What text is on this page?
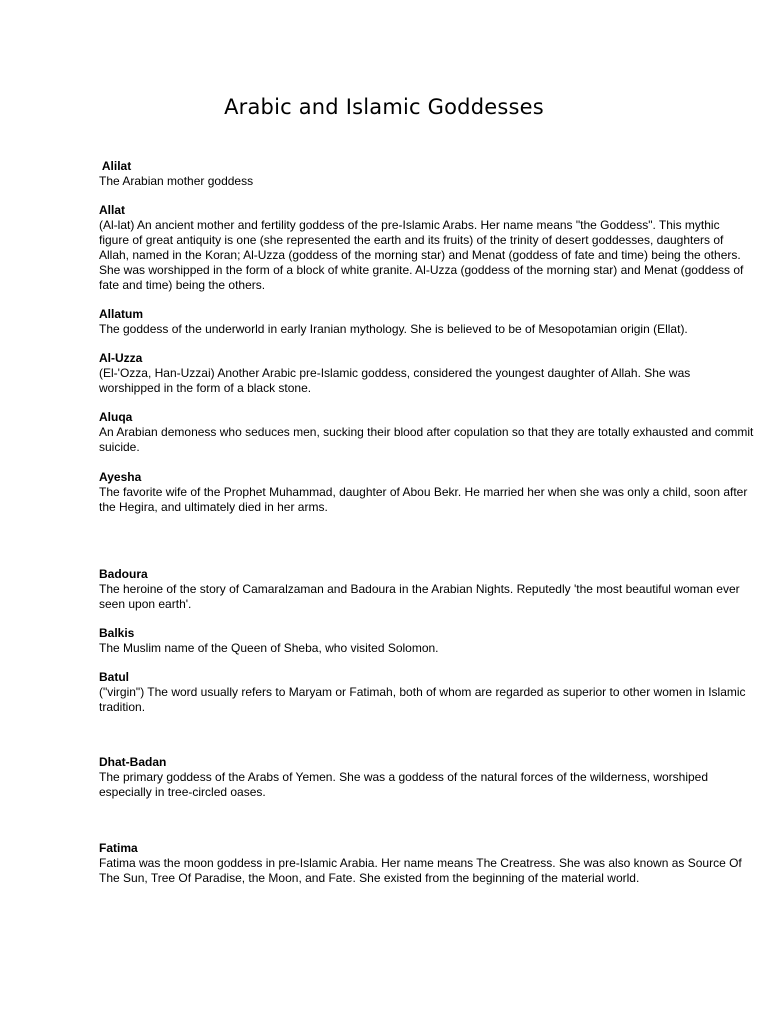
Arabic and Islamic Goddesses
Alilat
The Arabian mother goddess
Allat
(Al-lat) An ancient mother and fertility goddess of the pre-Islamic Arabs. Her name means "the Goddess". This mythic
figure of great antiquity is one (she represented the earth and its fruits) of the trinity of desert goddesses, daughters of
Allah, named in the Koran; Al-Uzza (goddess of the morning star) and Menat (goddess of fate and time) being the others.
She was worshipped in the form of a block of white granite. Al-Uzza (goddess of the morning star) and Menat (goddess of
fate and time) being the others.
Allatum
The goddess of the underworld in early Iranian mythology. She is believed to be of Mesopotamian origin (Ellat).
Al-Uzza
(El-'Ozza, Han-Uzzai) Another Arabic pre-Islamic goddess, considered the youngest daughter of Allah. She was
worshipped in the form of a black stone.
Aluqa
An Arabian demoness who seduces men, sucking their blood after copulation so that they are totally exhausted and commit
suicide.
Ayesha
The favorite wife of the Prophet Muhammad, daughter of Abou Bekr. He married her when she was only a child, soon after
the Hegira, and ultimately died in her arms.
Badoura
The heroine of the story of Camaralzaman and Badoura in the Arabian Nights. Reputedly 'the most beautiful woman ever
seen upon earth'.
Balkis
The Muslim name of the Queen of Sheba, who visited Solomon.
Batul
("virgin") The word usually refers to Maryam or Fatimah, both of whom are regarded as superior to other women in Islamic
tradition.
Dhat-Badan
The primary goddess of the Arabs of Yemen. She was a goddess of the natural forces of the wilderness, worshiped
especially in tree-circled oases.
Fatima
Fatima was the moon goddess in pre-Islamic Arabia. Her name means The Creatress. She was also known as Source Of
The Sun, Tree Of Paradise, the Moon, and Fate. She existed from the beginning of the material world.
